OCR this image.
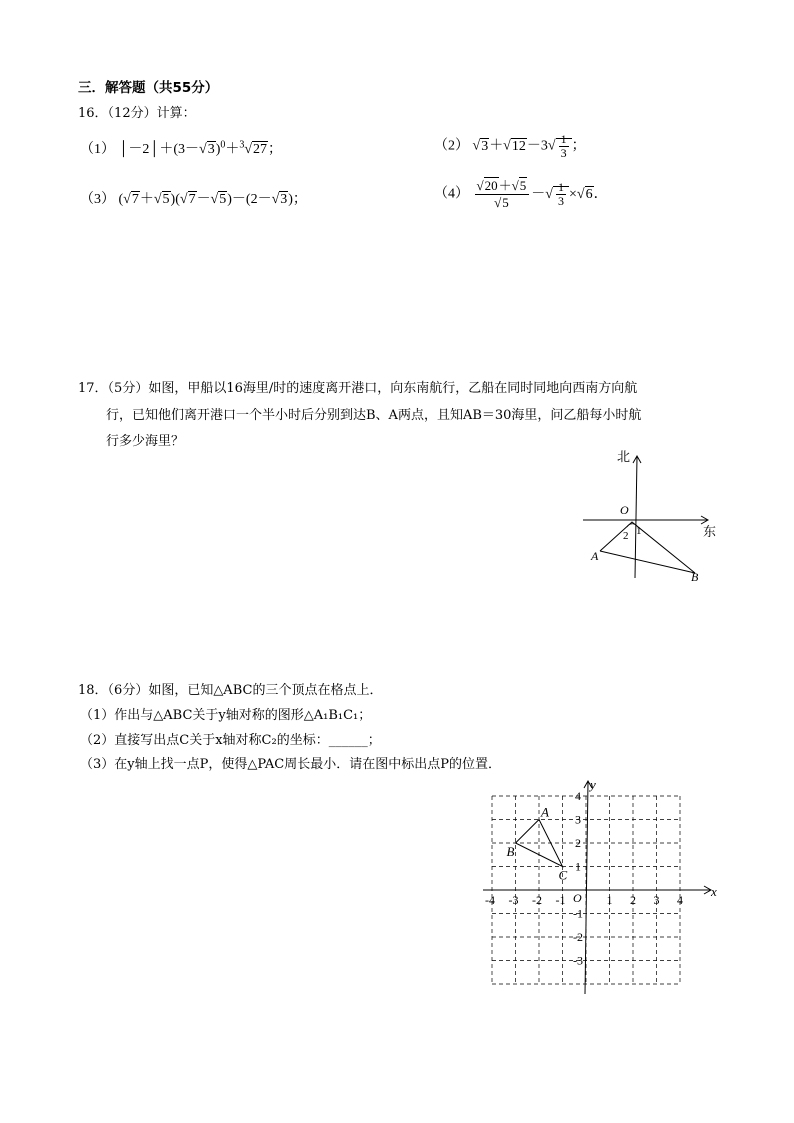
三．解答题（共55分）
16．（12分）计算：
（1） $│-2│+(3-√3)^0+^3√27$；	（2） $√3+√12-3√ \frac{1}{3}$ ；
（3） (√7＋√5)(√7－√5)－(2－√3)；	$(4) \frac{√20+√5}{√5}$ －√ $\frac{1}{3} \times√6$．
17．（5分）如图，甲船以16海里/时的速度离开港口，向东南航行，乙船在同时同地向西南方向航
行，已知他们离开港口一个半小时后分别到达B、A两点，且知AB＝30海里，问乙船每小时航
行多少海里？
北
东
O
1
2
A
B
18．（6分）如图，已知△ABC的三个顶点在格点上．
（1）作出与△ABC关于y轴对称的图形△A₁B₁C₁；
（2）直接写出点C关于x轴对称C₂的坐标：______；
（3）在y轴上找一点P，使得△PAC周长最小．请在图中标出点P的位置．
-4 -3 -2 -1	1 2 3 4
4
3
2
1
-1
-2
-3
A
B
C
x
y
O
